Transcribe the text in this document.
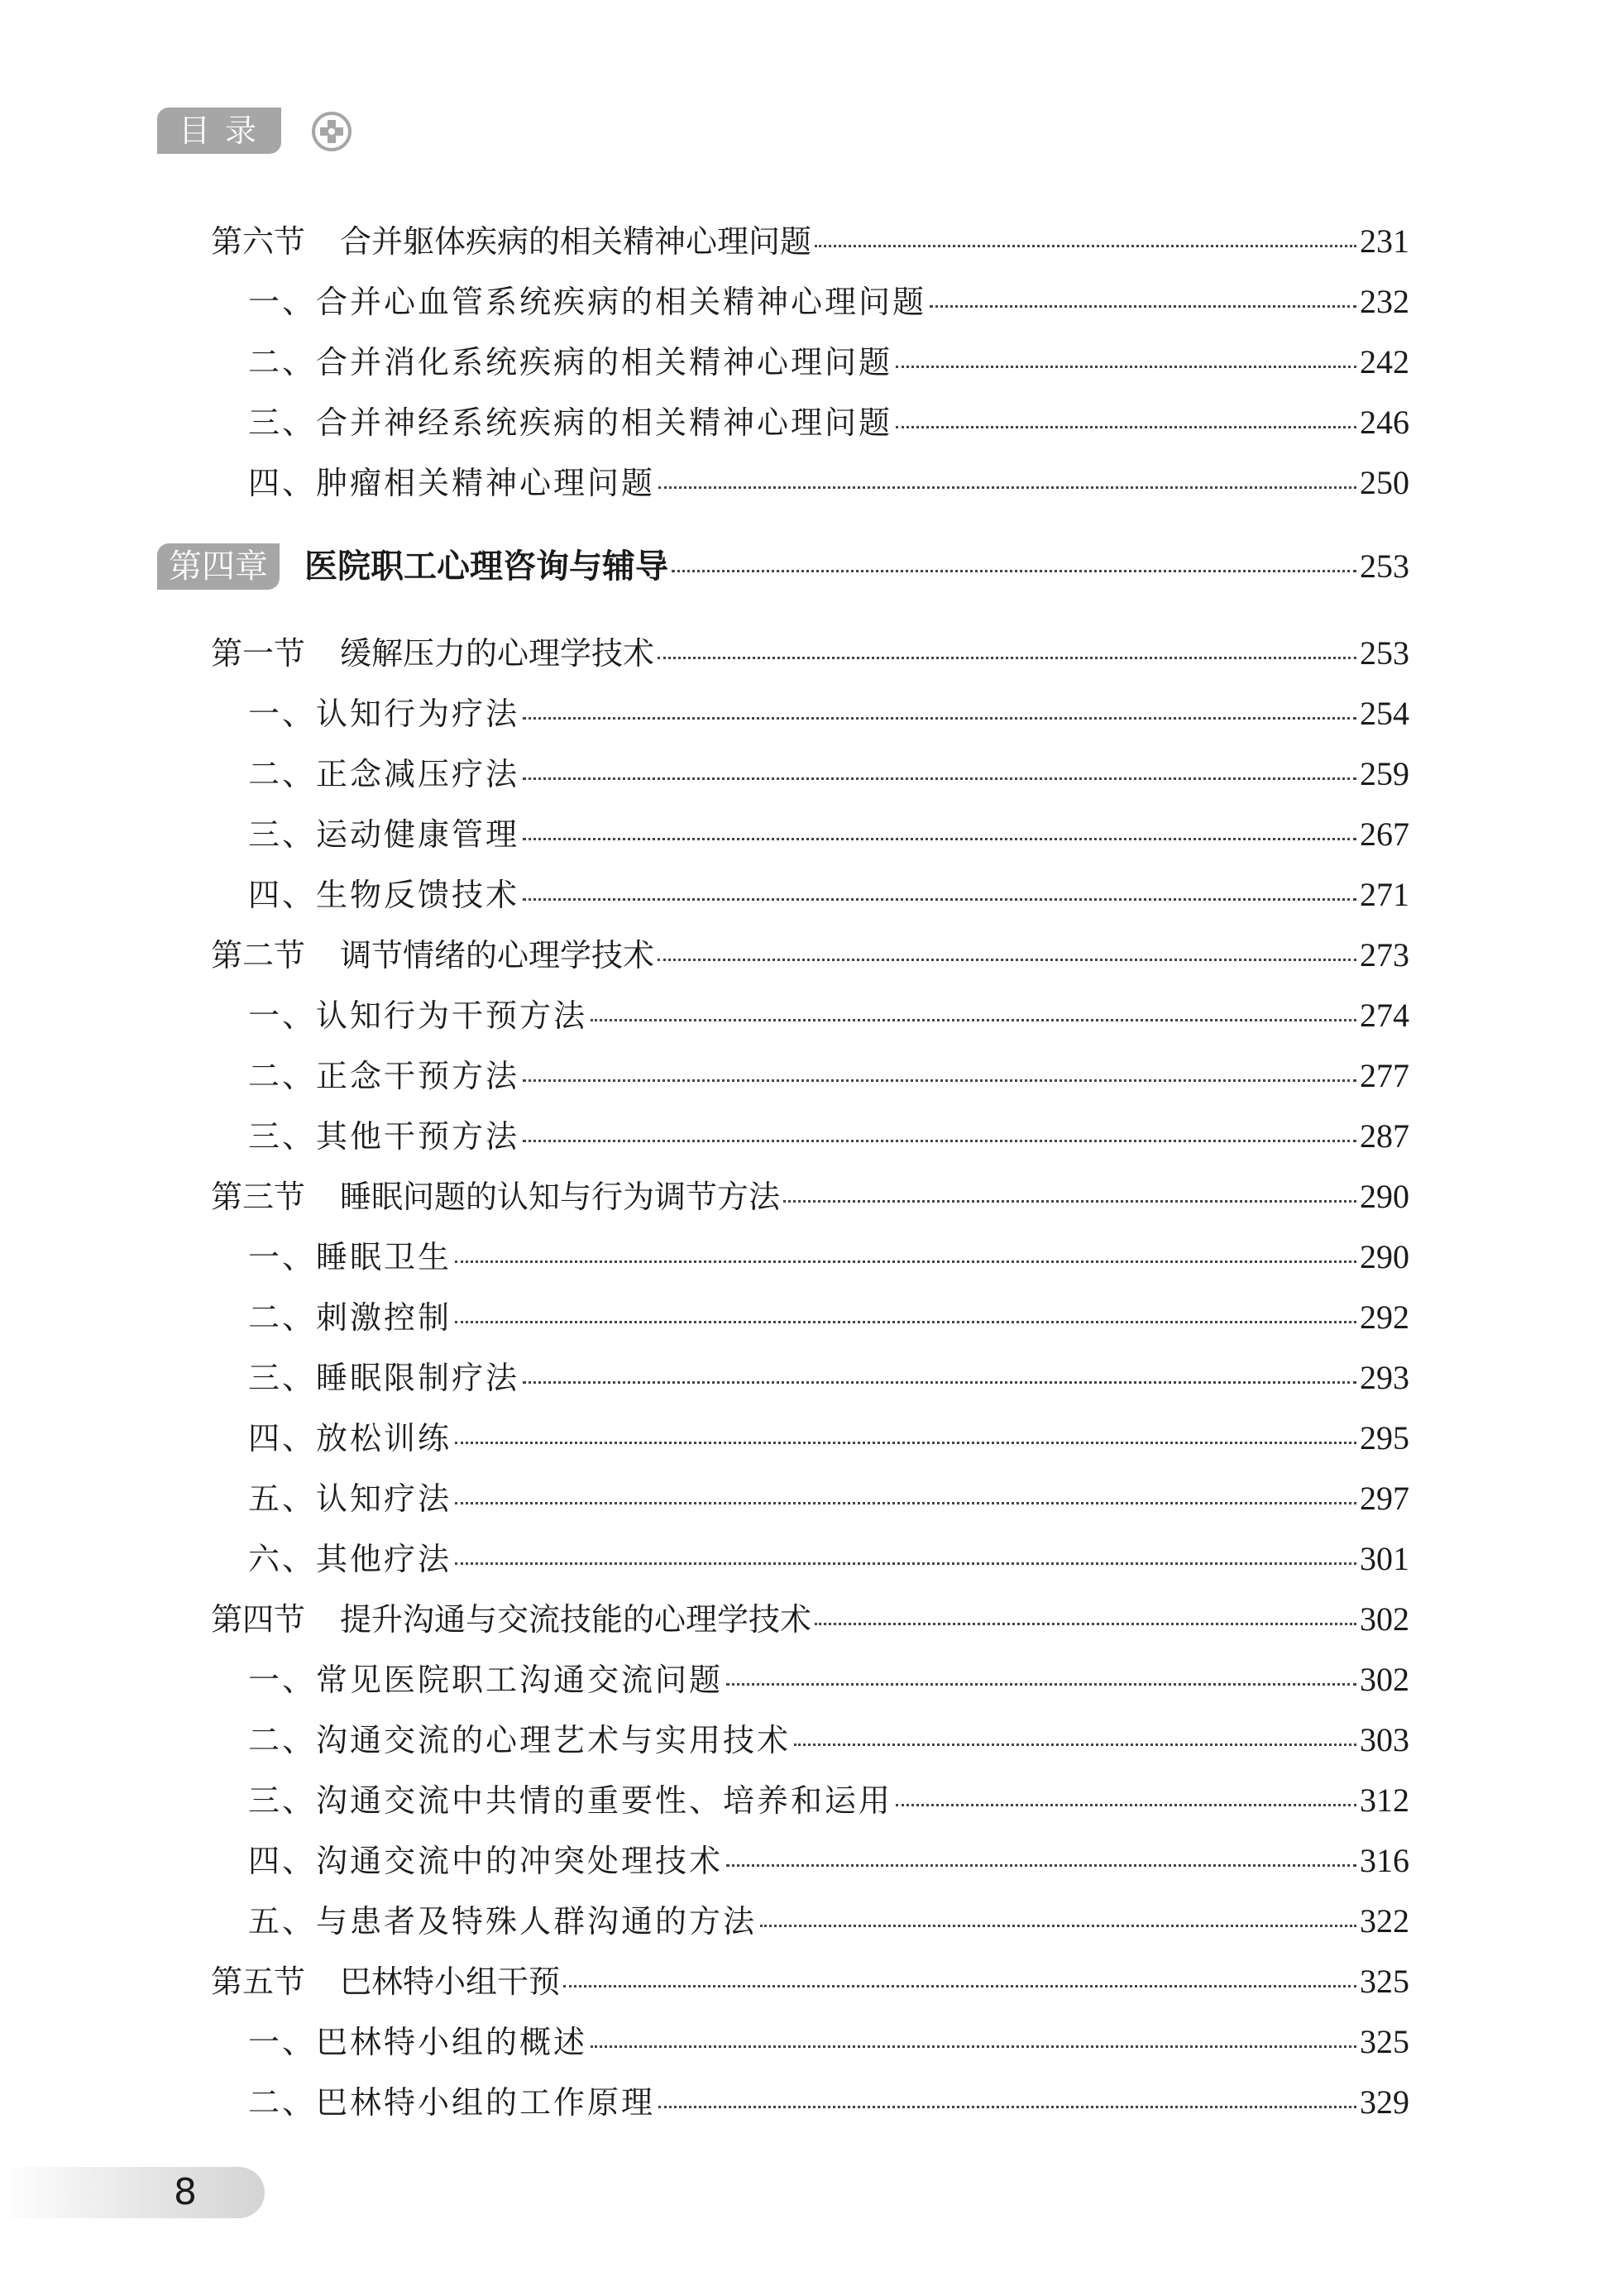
目录
第六节 合并躯体疾病的相关精神心理问题	231
一、合并心血管系统疾病的相关精神心理问题	232
二、合并消化系统疾病的相关精神心理问题	242
三、合并神经系统疾病的相关精神心理问题	246
四、肿瘤相关精神心理问题	250
第四章	医院职工心理咨询与辅导	253
第一节 缓解压力的心理学技术	253
一、认知行为疗法	254
二、正念减压疗法	259
三、运动健康管理	267
四、生物反馈技术	271
第二节 调节情绪的心理学技术	273
一、认知行为干预方法	274
二、正念干预方法	277
三、其他干预方法	287
第三节 睡眠问题的认知与行为调节方法	290
一、睡眠卫生	290
二、刺激控制	292
三、睡眠限制疗法	293
四、放松训练	295
五、认知疗法	297
六、其他疗法	301
第四节 提升沟通与交流技能的心理学技术	302
一、常见医院职工沟通交流问题	302
二、沟通交流的心理艺术与实用技术	303
三、沟通交流中共情的重要性、培养和运用	312
四、沟通交流中的冲突处理技术	316
五、与患者及特殊人群沟通的方法	322
第五节 巴林特小组干预	325
一、巴林特小组的概述	325
二、巴林特小组的工作原理	329
8
